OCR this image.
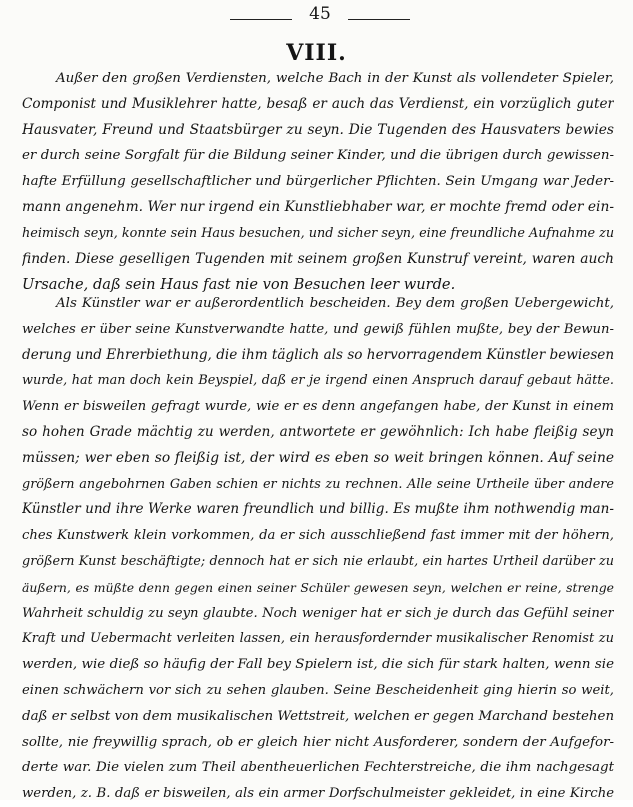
45
VIII.
Außer den großen Verdiensten, welche Bach in der Kunst als vollendeter Spieler,
Componist und Musiklehrer hatte, besaß er auch das Verdienst, ein vorzüglich guter
Hausvater, Freund und Staatsbürger zu seyn. Die Tugenden des Hausvaters bewies
er durch seine Sorgfalt für die Bildung seiner Kinder, und die übrigen durch gewissen-
hafte Erfüllung gesellschaftlicher und bürgerlicher Pflichten. Sein Umgang war Jeder-
mann angenehm. Wer nur irgend ein Kunstliebhaber war, er mochte fremd oder ein-
heimisch seyn, konnte sein Haus besuchen, und sicher seyn, eine freundliche Aufnahme zu
finden. Diese geselligen Tugenden mit seinem großen Kunstruf vereint, waren auch
Ursache, daß sein Haus fast nie von Besuchen leer wurde.
Als Künstler war er außerordentlich bescheiden. Bey dem großen Uebergewicht,
welches er über seine Kunstverwandte hatte, und gewiß fühlen mußte, bey der Bewun-
derung und Ehrerbiethung, die ihm täglich als so hervorragendem Künstler bewiesen
wurde, hat man doch kein Beyspiel, daß er je irgend einen Anspruch darauf gebaut hätte.
Wenn er bisweilen gefragt wurde, wie er es denn angefangen habe, der Kunst in einem
so hohen Grade mächtig zu werden, antwortete er gewöhnlich: Ich habe fleißig seyn
müssen; wer eben so fleißig ist, der wird es eben so weit bringen können. Auf seine
größern angebohrnen Gaben schien er nichts zu rechnen. Alle seine Urtheile über andere
Künstler und ihre Werke waren freundlich und billig. Es mußte ihm nothwendig man-
ches Kunstwerk klein vorkommen, da er sich ausschließend fast immer mit der höhern,
größern Kunst beschäftigte; dennoch hat er sich nie erlaubt, ein hartes Urtheil darüber zu
äußern, es müßte denn gegen einen seiner Schüler gewesen seyn, welchen er reine, strenge
Wahrheit schuldig zu seyn glaubte. Noch weniger hat er sich je durch das Gefühl seiner
Kraft und Uebermacht verleiten lassen, ein herausfordernder musikalischer Renomist zu
werden, wie dieß so häufig der Fall bey Spielern ist, die sich für stark halten, wenn sie
einen schwächern vor sich zu sehen glauben. Seine Bescheidenheit ging hierin so weit,
daß er selbst von dem musikalischen Wettstreit, welchen er gegen Marchand bestehen
sollte, nie freywillig sprach, ob er gleich hier nicht Ausforderer, sondern der Aufgefor-
derte war. Die vielen zum Theil abentheuerlichen Fechterstreiche, die ihm nachgesagt
werden, z. B. daß er bisweilen, als ein armer Dorfschulmeister gekleidet, in eine Kirche
